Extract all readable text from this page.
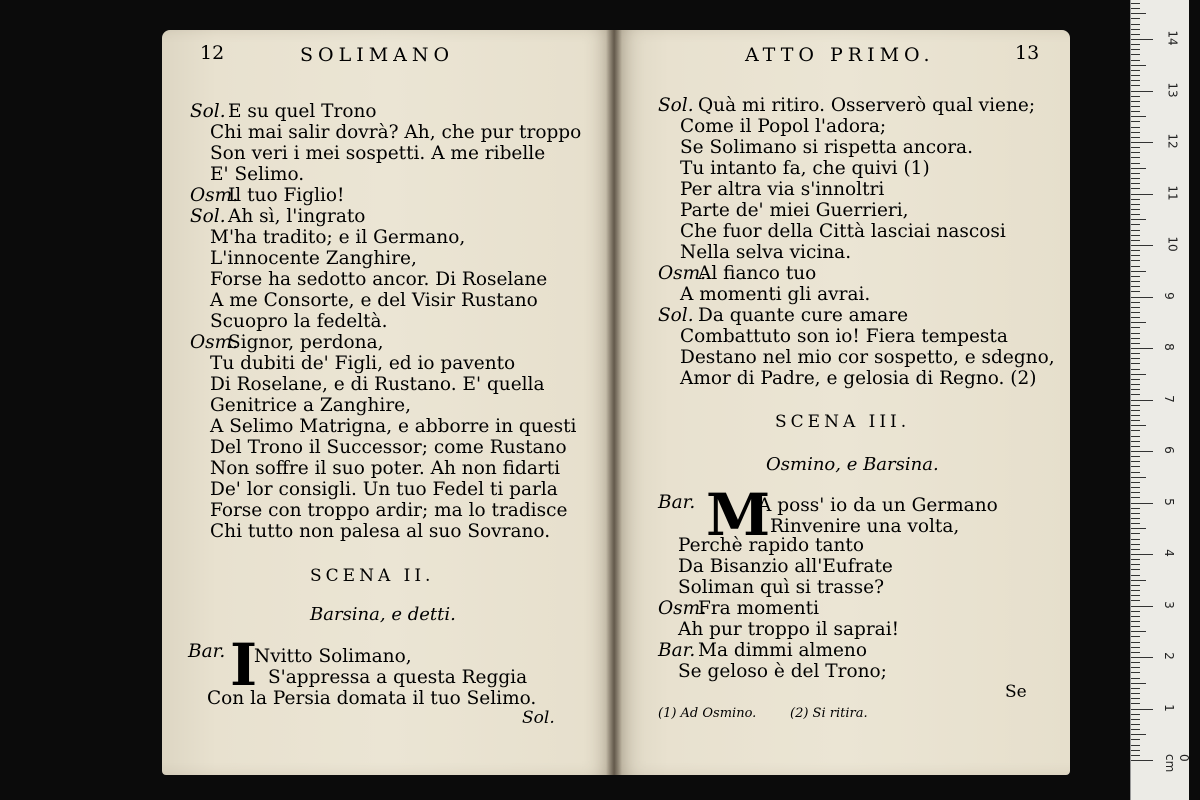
12	SOLIMANO
Sol. E su quel Trono
Chi mai salir dovrà? Ah, che pur troppo
Son veri i mei sospetti. A me ribelle
E' Selimo.
Osm.
Il tuo Figlio!
Sol. Ah sì, l'ingrato
M'ha tradito; e il Germano,
L'innocente Zanghire,
Forse ha sedotto ancor. Di Roselane
A me Consorte, e del Visir Rustano
Scuopro la fedeltà.
Osm.
Signor, perdona,
Tu dubiti de' Figli, ed io pavento
Di Roselane, e di Rustano. E' quella
Genitrice a Zanghire,
A Selimo Matrigna, e abborre in questi
Del Trono il Successor; come Rustano
Non soffre il suo poter. Ah non fidarti
De' lor consigli. Un tuo Fedel ti parla
Forse con troppo ardir; ma lo tradisce
Chi tutto non palesa al suo Sovrano.
SCENA II.
Barsina, e detti.
Bar. I
Nvitto Solimano,
S'appressa a questa Reggia
Con la Persia domata il tuo Selimo.
Sol.
ATTO PRIMO.	13
Sol. Quà mi ritiro. Osserverò qual viene;
Come il Popol l'adora;
Se Solimano si rispetta ancora.
Tu intanto fa, che quivi (1)
Per altra via s'innoltri
Parte de' miei Guerrieri,
Che fuor della Città lasciai nascosi
Nella selva vicina.
Osm.
Al fianco tuo
A momenti gli avrai.
Sol. Da quante cure amare
Combattuto son io! Fiera tempesta
Destano nel mio cor sospetto, e sdegno,
Amor di Padre, e gelosia di Regno. (2)
SCENA III.
Osmino, e Barsina.
Bar. M
A poss' io da un Germano
Rinvenire una volta,
Perchè rapido tanto
Da Bisanzio all'Eufrate
Soliman quì si trasse?
Osm.
Fra momenti
Ah pur troppo il saprai!
Bar. Ma dimmi almeno
Se geloso è del Trono;
Se
(1) Ad Osmino.	(2) Si ritira.
0 cm
1
2
3
4
5
6
7
8
9
10
11
12
13
14
